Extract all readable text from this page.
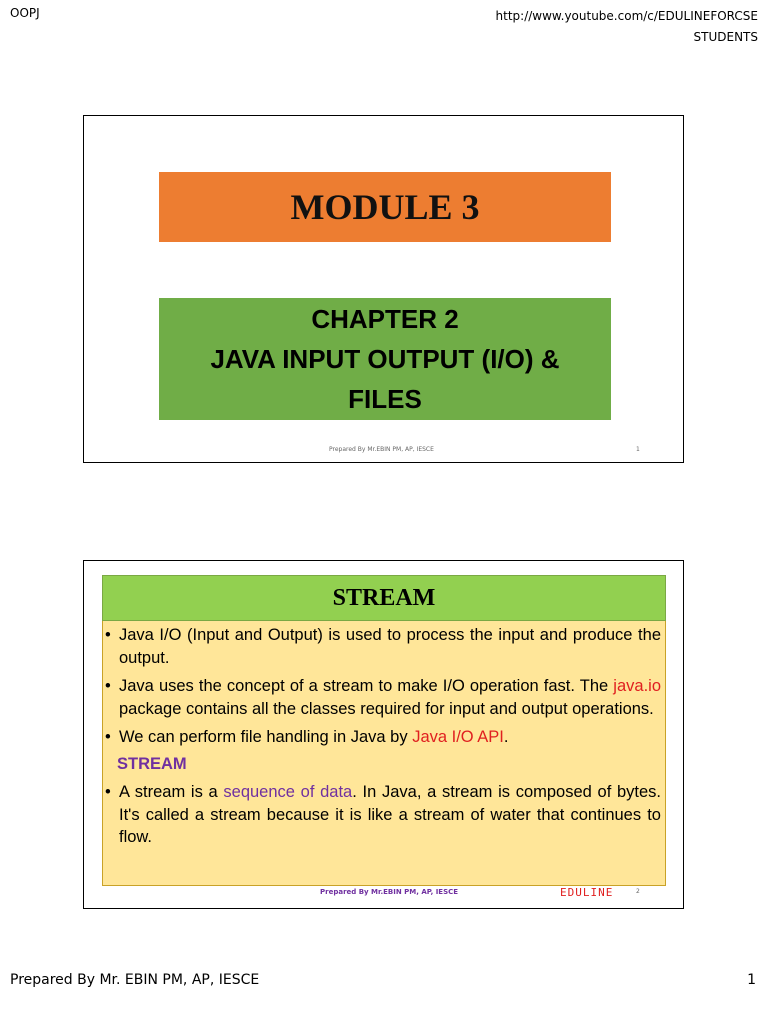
OOPJ	http://www.youtube.com/c/EDULINEFORCSE
STUDENTS
MODULE 3
CHAPTER 2
JAVA INPUT OUTPUT (I/O) &
FILES
Prepared By Mr.EBIN PM, AP, IESCE	1
STREAM
• Java I/O (Input and Output) is used to process the input and produce the output.
• Java uses the concept of a stream to make I/O operation fast. The java.io package contains all the classes required for input and output operations.
• We can perform file handling in Java by Java I/O API.
STREAM
• A stream is a sequence of data. In Java, a stream is composed of bytes. It's called a stream because it is like a stream of water that continues to flow.
Prepared By Mr.EBIN PM, AP, IESCE	EDULINE	2
Prepared By Mr. EBIN PM, AP, IESCE	1
